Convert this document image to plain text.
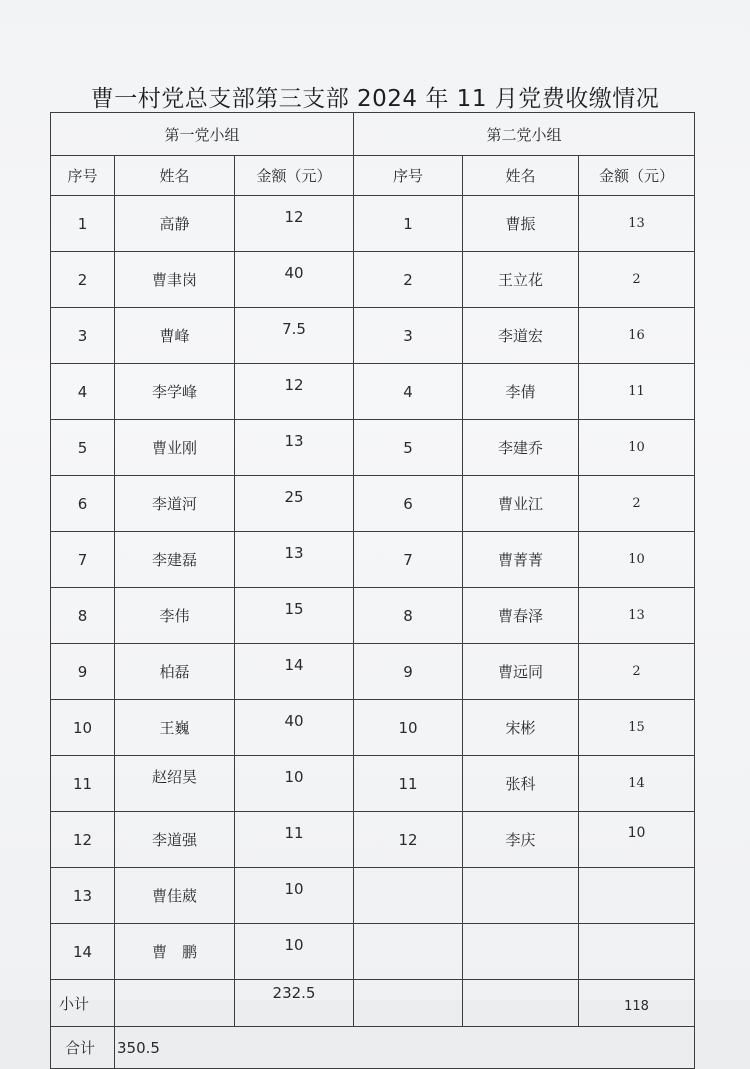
曹一村党总支部第三支部 2024 年 11 月党费收缴情况
第一党小组			第二党小组		
序号	姓名	金额（元）	序号	姓名	金额（元）
1	高静	12	1	曹振	13
2	曹聿岗	40	2	王立花	2
3	曹峰	7.5	3	李道宏	16
4	李学峰	12	4	李倩	11
5	曹业刚	13	5	李建乔	10
6	李道河	25	6	曹业江	2
7	李建磊	13	7	曹菁菁	10
8	李伟	15	8	曹春泽	13
9	柏磊	14	9	曹远同	2
10	王巍	40	10	宋彬	15
11	赵绍昊	10	11	张科	14
12	李道强	11	12	李庆	10
13	曹佳葳	10			
14	曹　鹏	10			
小计		232.5			118
合计	350.5				
